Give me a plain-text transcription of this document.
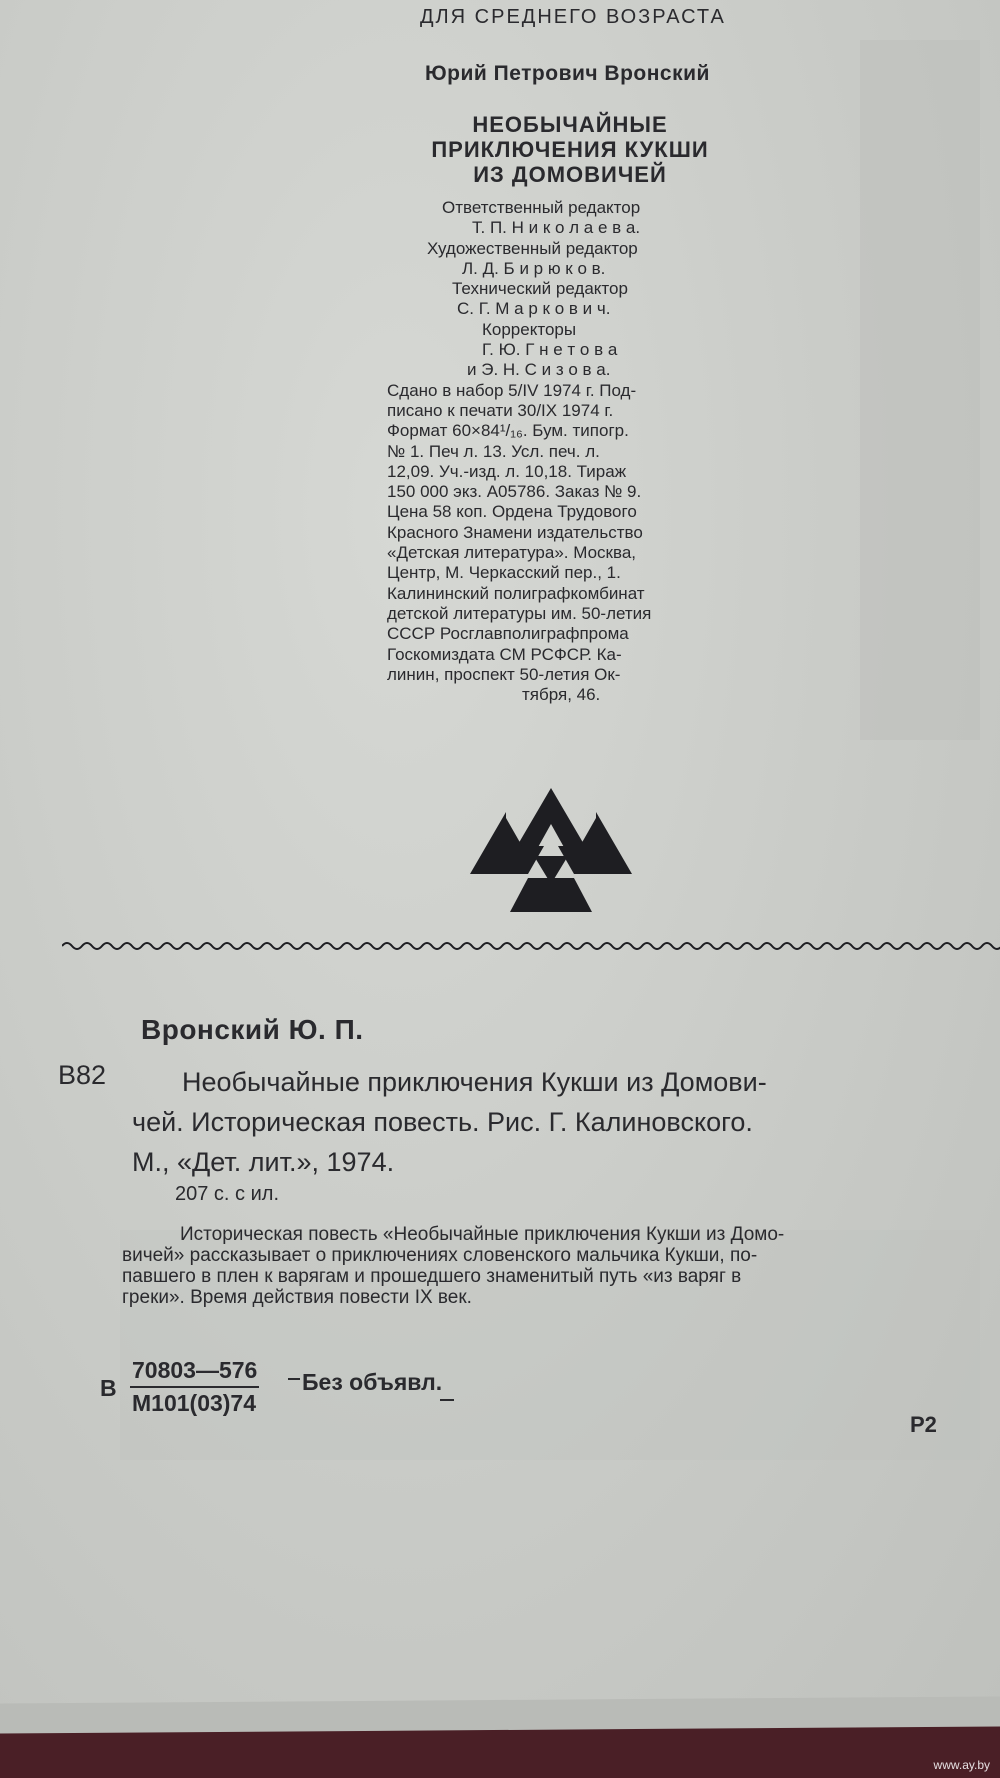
ДЛЯ СРЕДНЕГО ВОЗРАСТА

Юрий Петрович Вронский

НЕОБЫЧАЙНЫЕ
ПРИКЛЮЧЕНИЯ КУКШИ
ИЗ ДОМОВИЧЕЙ
Ответственный редактор
Т. П. Н и к о л а е в а.
Художественный редактор
Л. Д. Б и р ю к о в.
Технический редактор
С. Г. М а р к о в и ч.
Корректоры
Г. Ю. Г н е т о в а
и Э. Н. С и з о в а.
Сдано в набор 5/IV 1974 г. Под-
писано к печати 30/IX 1974 г.
Формат 60×84¹/₁₆. Бум. типогр.
№ 1. Печ л. 13. Усл. печ. л.
12,09. Уч.-изд. л. 10,18. Тираж
150 000 экз. А05786. Заказ № 9.
Цена 58 коп. Ордена Трудового
Красного Знамени издательство
«Детская литература». Москва,
Центр, М. Черкасский пер., 1.
Калининский полиграфкомбинат
детской литературы им. 50-летия
СССР Росглавполиграфпрома
Госкомиздата СМ РСФСР. Ка-
линин, проспект 50-летия Ок-
тября, 46.

Вронский Ю. П.

В82	Необычайные приключения Кукши из Домови-
чей. Историческая повесть. Рис. Г. Калиновского.
М., «Дет. лит.», 1974.

207 с. с ил.

Историческая повесть «Необычайные приключения Кукши из Домо-
вичей» рассказывает о приключениях словенского мальчика Кукши, по-
павшего в плен к варягам и прошедшего знаменитый путь «из варяг в
греки». Время действия повести IX век.

В

70803—576
М101(03)74

Без объявл.

Р2

www.ay.by
